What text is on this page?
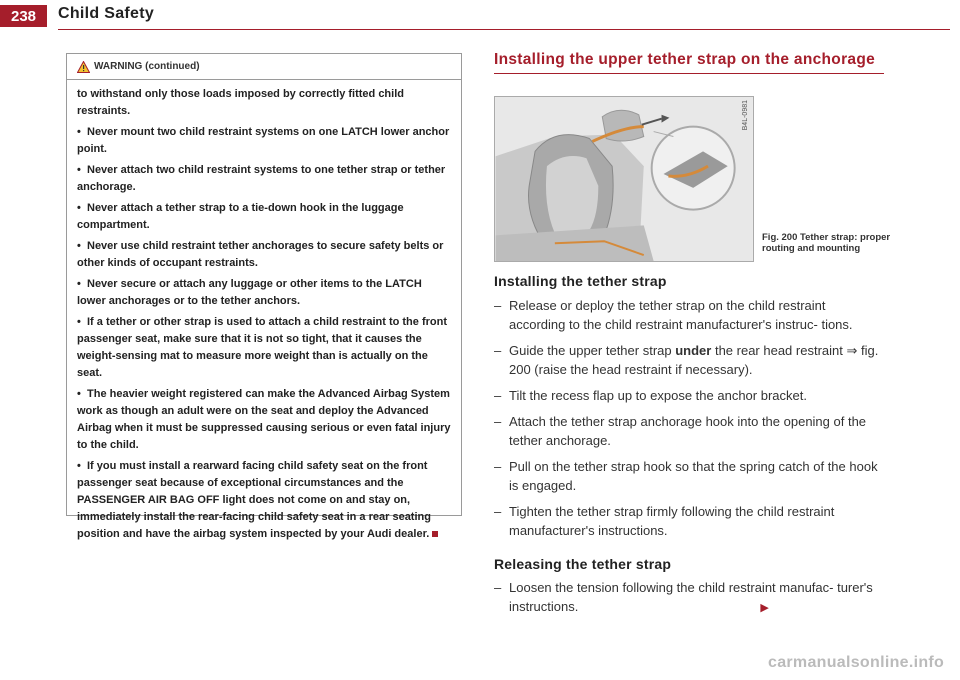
238	Child Safety
WARNING (continued)

to withstand only those loads imposed by correctly fitted child restraints.

• Never mount two child restraint systems on one LATCH lower anchor point.
• Never attach two child restraint systems to one tether strap or tether anchorage.
• Never attach a tether strap to a tie-down hook in the luggage compartment.
• Never use child restraint tether anchorages to secure safety belts or other kinds of occupant restraints.
• Never secure or attach any luggage or other items to the LATCH lower anchorages or to the tether anchors.
• If a tether or other strap is used to attach a child restraint to the front passenger seat, make sure that it is not so tight, that it causes the weight-sensing mat to measure more weight than is actually on the seat.
• The heavier weight registered can make the Advanced Airbag System work as though an adult were on the seat and deploy the Advanced Airbag when it must be suppressed causing serious or even fatal injury to the child.
• If you must install a rearward facing child safety seat on the front passenger seat because of exceptional circumstances and the PASSENGER AIR BAG OFF light does not come on and stay on, immediately install the rear-facing child safety seat in a rear seating position and have the airbag system inspected by your Audi dealer.
Installing the upper tether strap on the anchorage
B4L-0981
Fig. 200 Tether strap: proper routing and mounting
Installing the tether strap
– Release or deploy the tether strap on the child restraint according to the child restraint manufacturer's instruc- tions.
– Guide the upper tether strap under the rear head restraint ⇒ fig. 200 (raise the head restraint if necessary).
– Tilt the recess flap up to expose the anchor bracket.
– Attach the tether strap anchorage hook into the opening of the tether anchorage.
– Pull on the tether strap hook so that the spring catch of the hook is engaged.
– Tighten the tether strap firmly following the child restraint manufacturer's instructions.
Releasing the tether strap
– Loosen the tension following the child restraint manufac- turer's instructions.	▶
carmanualsonline.info
